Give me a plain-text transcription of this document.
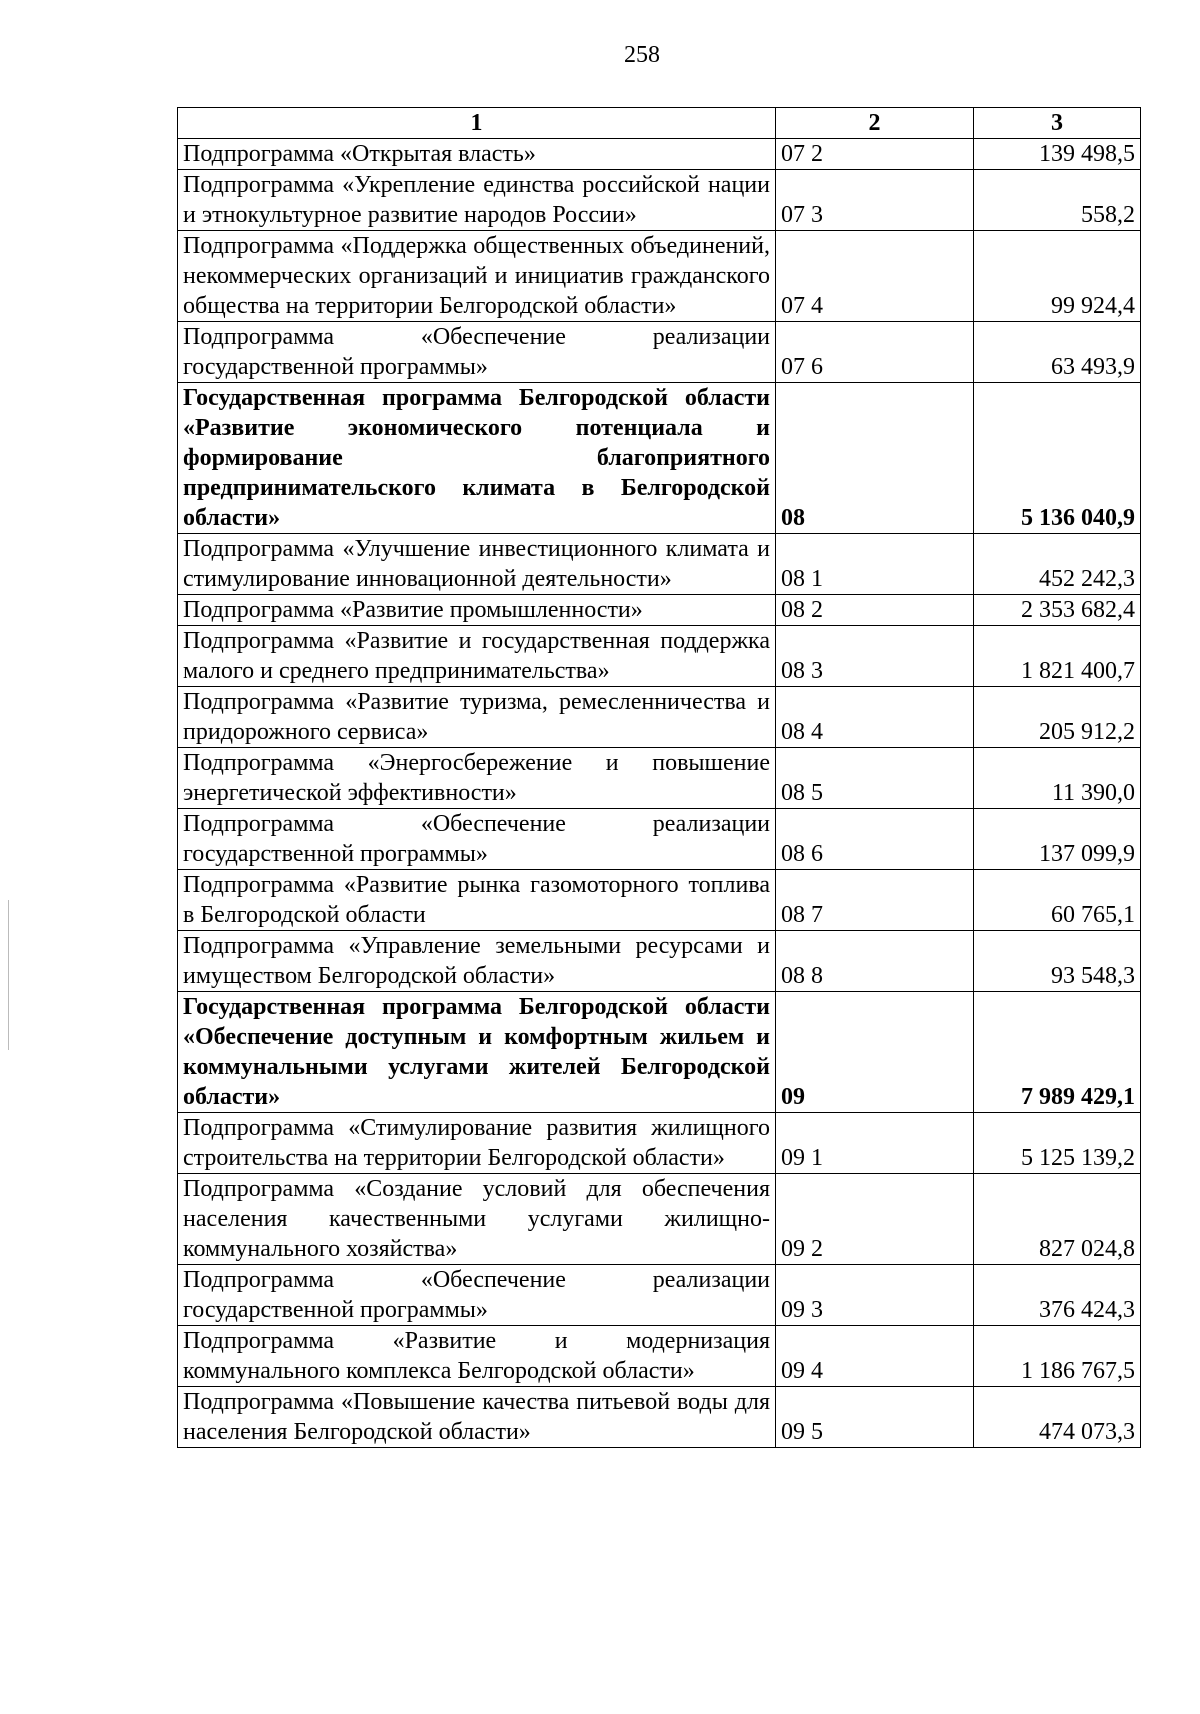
258
1	2	3
Подпрограмма «Открытая власть»	07 2	139 498,5
Подпрограмма «Укрепление единства российской нации и этнокультурное развитие народов России»	07 3	558,2
Подпрограмма «Поддержка общественных объединений, некоммерческих организаций и инициатив гражданского общества на территории Белгородской области»	07 4	99 924,4
Подпрограмма «Обеспечение реализации государственной программы»	07 6	63 493,9
Государственная программа Белгородской области «Развитие экономического потенциала и формирование благоприятного предпринимательского климата в Белгородской области»	08	5 136 040,9
Подпрограмма «Улучшение инвестиционного климата и стимулирование инновационной деятельности»	08 1	452 242,3
Подпрограмма «Развитие промышленности»	08 2	2 353 682,4
Подпрограмма «Развитие и государственная поддержка малого и среднего предпринимательства»	08 3	1 821 400,7
Подпрограмма «Развитие туризма, ремесленничества и придорожного сервиса»	08 4	205 912,2
Подпрограмма «Энергосбережение и повышение энергетической эффективности»	08 5	11 390,0
Подпрограмма «Обеспечение реализации государственной программы»	08 6	137 099,9
Подпрограмма «Развитие рынка газомоторного топлива в Белгородской области	08 7	60 765,1
Подпрограмма «Управление земельными ресурсами и имуществом Белгородской области»	08 8	93 548,3
Государственная программа Белгородской области «Обеспечение доступным и комфортным жильем и коммунальными услугами жителей Белгородской области»	09	7 989 429,1
Подпрограмма «Стимулирование развития жилищного строительства на территории Белгородской области»	09 1	5 125 139,2
Подпрограмма «Создание условий для обеспечения населения качественными услугами жилищно-коммунального хозяйства»	09 2	827 024,8
Подпрограмма «Обеспечение реализации государственной программы»	09 3	376 424,3
Подпрограмма «Развитие и модернизация коммунального комплекса Белгородской области»	09 4	1 186 767,5
Подпрограмма «Повышение качества питьевой воды для населения Белгородской области»	09 5	474 073,3
